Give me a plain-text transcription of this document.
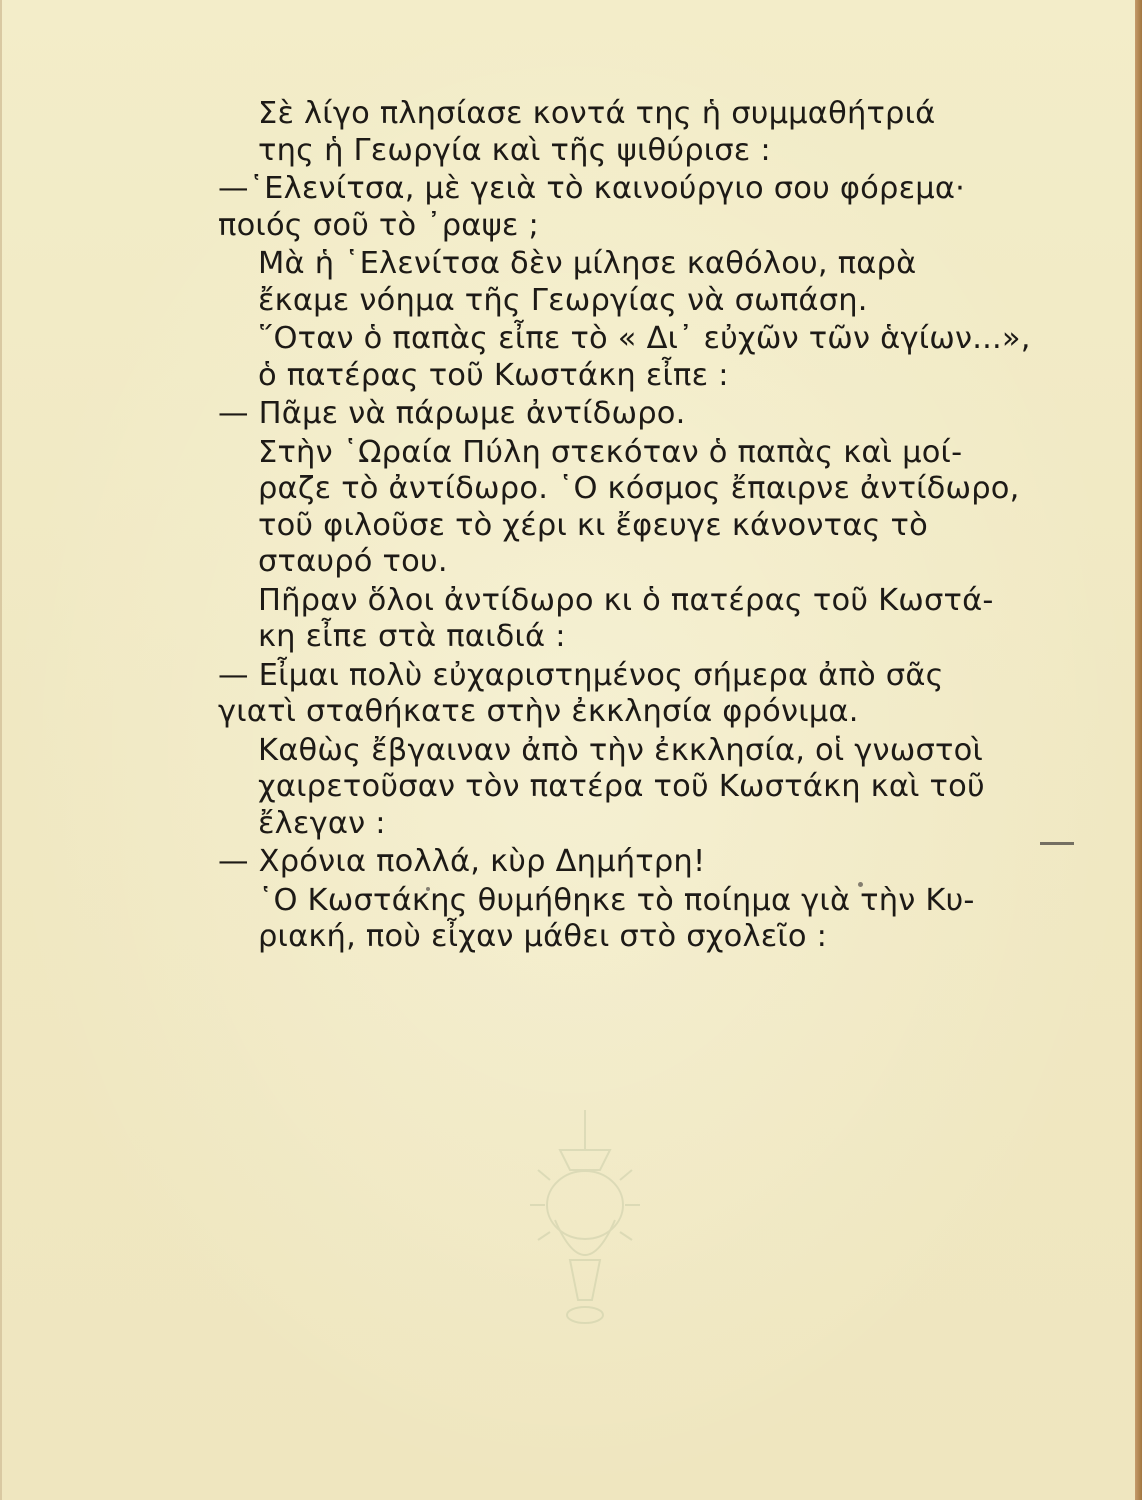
Σὲ λίγο πλησίασε κοντά της ἡ συμμαθήτριά
της ἡ Γεωργία καὶ τῆς ψιθύρισε :
—῾Ελενίτσα, μὲ γειὰ τὸ καινούργιο σου φόρεμα·
ποιός σοῦ τὸ ᾽ραψε ;
Μὰ ἡ ῾Ελενίτσα δὲν μίλησε καθόλου, παρὰ
ἔκαμε νόημα τῆς Γεωργίας νὰ σωπάση.
῞Οταν ὁ παπὰς εἶπε τὸ « Δι᾽ εὐχῶν τῶν ἁγίων...»,
ὁ πατέρας τοῦ Κωστάκη εἶπε :
— Πᾶμε νὰ πάρωμε ἀντίδωρο.
Στὴν ῾Ωραία Πύλη στεκόταν ὁ παπὰς καὶ μοί-
ραζε τὸ ἀντίδωρο. ῾Ο κόσμος ἔπαιρνε ἀντίδωρο,
τοῦ φιλοῦσε τὸ χέρι κι ἔφευγε κάνοντας τὸ
σταυρό του.
Πῆραν ὅλοι ἀντίδωρο κι ὁ πατέρας τοῦ Κωστά-
κη εἶπε στὰ παιδιά :
— Εἶμαι πολὺ εὐχαριστημένος σήμερα ἀπὸ σᾶς
γιατὶ σταθήκατε στὴν ἐκκλησία φρόνιμα.
Καθὼς ἔβγαιναν ἀπὸ τὴν ἐκκλησία, οἱ γνωστοὶ
χαιρετοῦσαν τὸν πατέρα τοῦ Κωστάκη καὶ τοῦ
ἔλεγαν :
— Χρόνια πολλά, κὺρ Δημήτρη!
῾Ο Κωστάκης θυμήθηκε τὸ ποίημα γιὰ τὴν Κυ-
ριακή, ποὺ εἶχαν μάθει στὸ σχολεῖο :
